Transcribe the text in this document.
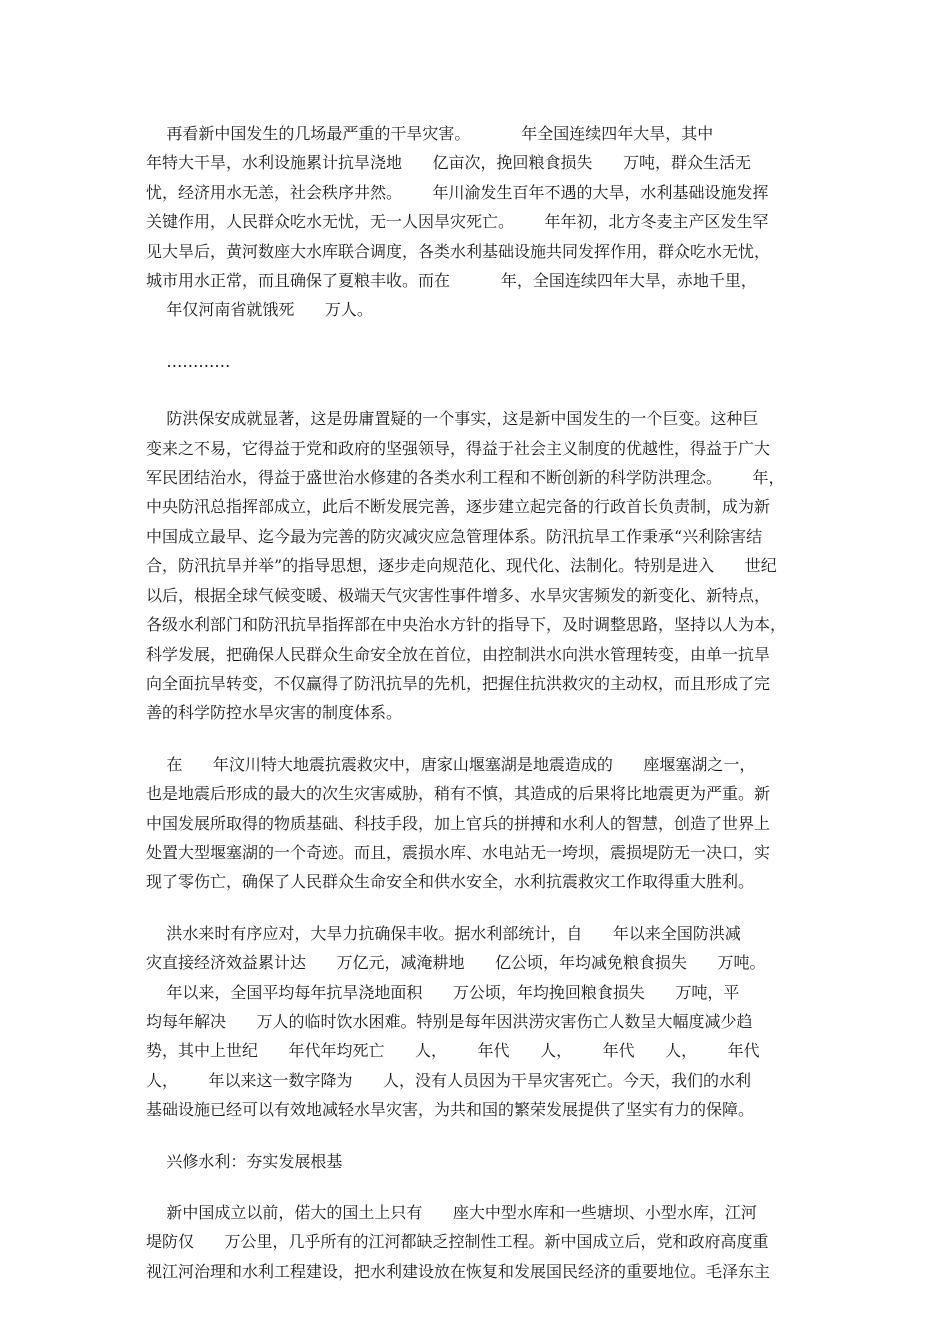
再看新中国发生的几场最严重的干旱灾害。          年全国连续四年大旱，其中
年特大干旱，水利设施累计抗旱浇地      亿亩次，挽回粮食损失      万吨，群众生活无
忧，经济用水无恙，社会秩序井然。      年川渝发生百年不遇的大旱，水利基础设施发挥
关键作用，人民群众吃水无忧，无一人因旱灾死亡。      年年初，北方冬麦主产区发生罕
见大旱后，黄河数座大水库联合调度，各类水利基础设施共同发挥作用，群众吃水无忧，
城市用水正常，而且确保了夏粮丰收。而在          年，全国连续四年大旱，赤地千里，
年仅河南省就饿死      万人。
…………
防洪保安成就显著，这是毋庸置疑的一个事实，这是新中国发生的一个巨变。这种巨
变来之不易，它得益于党和政府的坚强领导，得益于社会主义制度的优越性，得益于广大
军民团结治水，得益于盛世治水修建的各类水利工程和不断创新的科学防洪理念。      年，
中央防汛总指挥部成立，此后不断发展完善，逐步建立起完备的行政首长负责制，成为新
中国成立最早、迄今最为完善的防灾减灾应急管理体系。防汛抗旱工作秉承“兴利除害结
合，防汛抗旱并举”的指导思想，逐步走向规范化、现代化、法制化。特别是进入      世纪
以后，根据全球气候变暖、极端天气灾害性事件增多、水旱灾害频发的新变化、新特点，
各级水利部门和防汛抗旱指挥部在中央治水方针的指导下，及时调整思路，坚持以人为本，
科学发展，把确保人民群众生命安全放在首位，由控制洪水向洪水管理转变，由单一抗旱
向全面抗旱转变，不仅赢得了防汛抗旱的先机，把握住抗洪救灾的主动权，而且形成了完
善的科学防控水旱灾害的制度体系。
在      年汶川特大地震抗震救灾中，唐家山堰塞湖是地震造成的      座堰塞湖之一，
也是地震后形成的最大的次生灾害威胁，稍有不慎，其造成的后果将比地震更为严重。新
中国发展所取得的物质基础、科技手段，加上官兵的拼搏和水利人的智慧，创造了世界上
处置大型堰塞湖的一个奇迹。而且，震损水库、水电站无一垮坝，震损堤防无一决口，实
现了零伤亡，确保了人民群众生命安全和供水安全，水利抗震救灾工作取得重大胜利。
洪水来时有序应对，大旱力抗确保丰收。据水利部统计，自      年以来全国防洪减
灾直接经济效益累计达      万亿元，减淹耕地      亿公顷，年均减免粮食损失      万吨。
年以来，全国平均每年抗旱浇地面积      万公顷，年均挽回粮食损失      万吨，平
均每年解决      万人的临时饮水困难。特别是每年因洪涝灾害伤亡人数呈大幅度减少趋
势，其中上世纪      年代年均死亡      人，      年代      人，      年代      人，      年代
人，      年以来这一数字降为      人，没有人员因为干旱灾害死亡。今天，我们的水利
基础设施已经可以有效地减轻水旱灾害，为共和国的繁荣发展提供了坚实有力的保障。
兴修水利：夯实发展根基
新中国成立以前，偌大的国土上只有      座大中型水库和一些塘坝、小型水库，江河
堤防仅      万公里，几乎所有的江河都缺乏控制性工程。新中国成立后，党和政府高度重
视江河治理和水利工程建设，把水利建设放在恢复和发展国民经济的重要地位。毛泽东主
